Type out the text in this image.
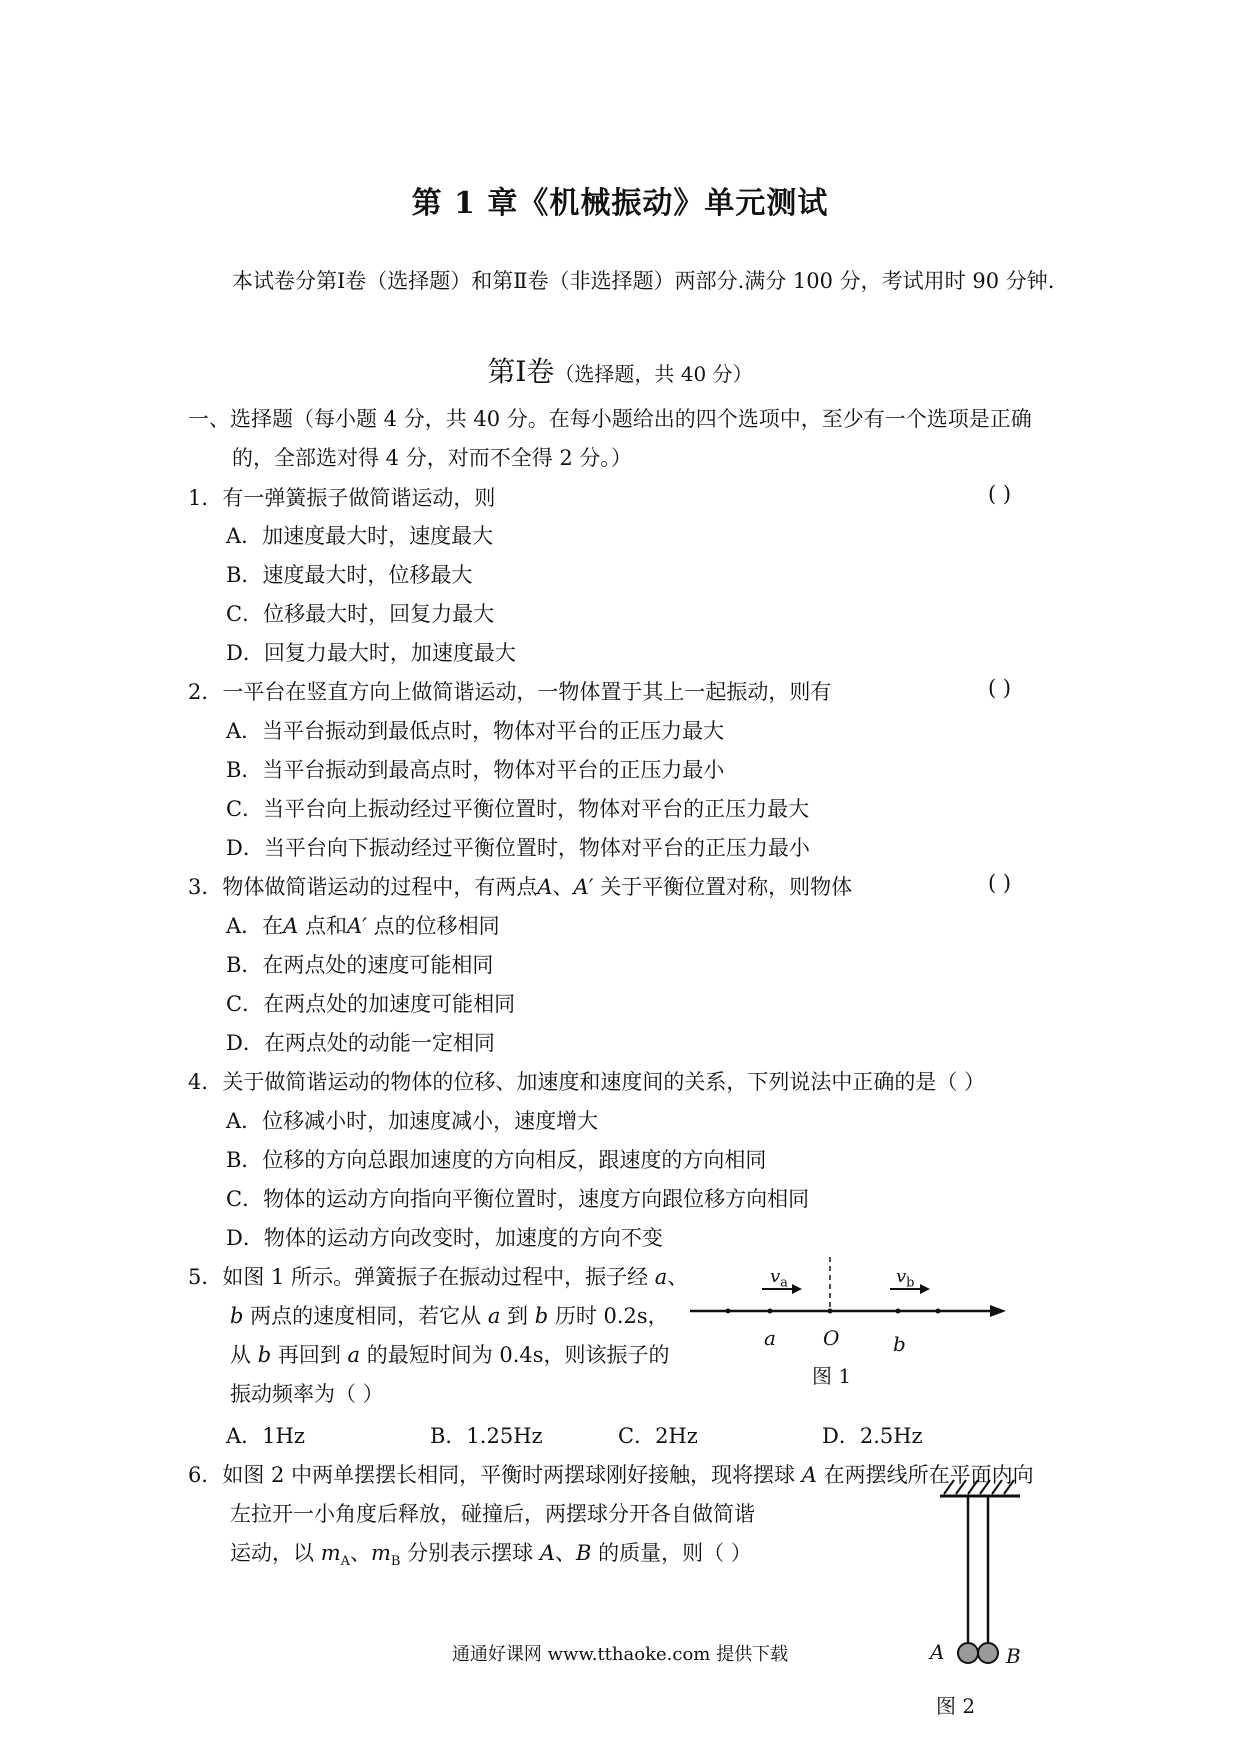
第 1 章《机械振动》单元测试
本试卷分第Ⅰ卷（选择题）和第Ⅱ卷（非选择题）两部分.满分 100 分，考试用时 90 分钟.
第Ⅰ卷（选择题，共 40 分）
一、选择题（每小题 4 分，共 40 分。在每小题给出的四个选项中，至少有一个选项是正确
的，全部选对得 4 分，对而不全得 2 分。）
1．有一弹簧振子做简谐运动，则	( )
A．加速度最大时，速度最大
B．速度最大时，位移最大
C．位移最大时，回复力最大
D．回复力最大时，加速度最大
2．一平台在竖直方向上做简谐运动，一物体置于其上一起振动，则有	( )
A．当平台振动到最低点时，物体对平台的正压力最大
B．当平台振动到最高点时，物体对平台的正压力最小
C．当平台向上振动经过平衡位置时，物体对平台的正压力最大
D．当平台向下振动经过平衡位置时，物体对平台的正压力最小
3．物体做简谐运动的过程中，有两点A、A′ 关于平衡位置对称，则物体	( )
A．在A 点和A′ 点的位移相同
B．在两点处的速度可能相同
C．在两点处的加速度可能相同
D．在两点处的动能一定相同
4．关于做简谐运动的物体的位移、加速度和速度间的关系，下列说法中正确的是（ ）
A．位移减小时，加速度减小，速度增大
B．位移的方向总跟加速度的方向相反，跟速度的方向相同
C．物体的运动方向指向平衡位置时，速度方向跟位移方向相同
D．物体的运动方向改变时，加速度的方向不变
5．如图 1 所示。弹簧振子在振动过程中，振子经 a、
b 两点的速度相同，若它从 a 到 b 历时 0.2s，
从 b 再回到 a 的最短时间为 0.4s，则该振子的
振动频率为（ ）
A．1Hz	B．1.25Hz	C．2Hz	D．2.5Hz
$v_a$	$v_b$
a O	b
图 1
6．如图 2 中两单摆摆长相同，平衡时两摆球刚好接触，现将摆球 A 在两摆线所在平面内向
左拉开一小角度后释放，碰撞后，两摆球分开各自做简谐
运动，以 $m_A$、$m_B$ 分别表示摆球 A、B 的质量，则（ ）
A	B
图 2
通通好课网 www.tthaoke.com 提供下载
